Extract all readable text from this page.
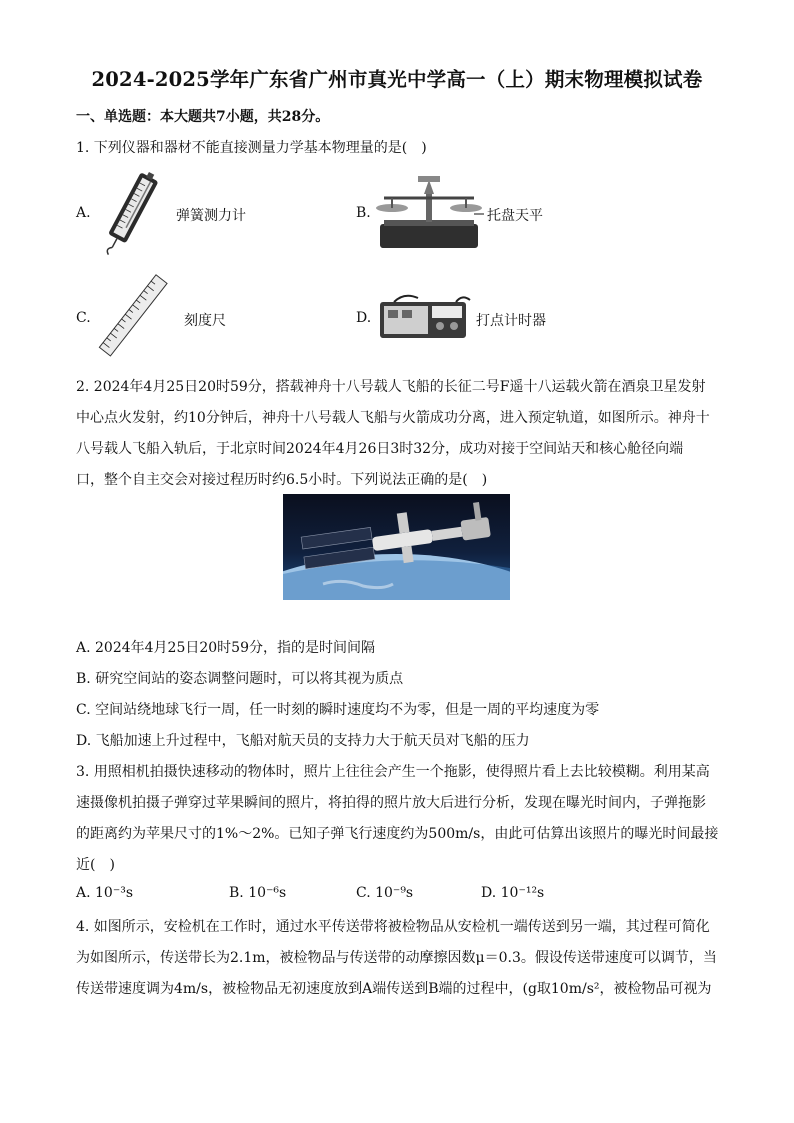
2024-2025学年广东省广州市真光中学高一（上）期末物理模拟试卷
一、单选题：本大题共7小题，共28分。
1. 下列仪器和器材不能直接测量力学基本物理量的是(　)
A.	弹簧测力计	B.	托盘天平
C.	刻度尺	D.	打点计时器
2. 2024年4月25日20时59分，搭载神舟十八号载人飞船的长征二号F遥十八运载火箭在酒泉卫星发射
中心点火发射，约10分钟后，神舟十八号载人飞船与火箭成功分离，进入预定轨道，如图所示。神舟十
八号载人飞船入轨后，于北京时间2024年4月26日3时32分，成功对接于空间站天和核心舱径向端
口，整个自主交会对接过程历时约6.5小时。下列说法正确的是(　)
A. 2024年4月25日20时59分，指的是时间间隔
B. 研究空间站的姿态调整问题时，可以将其视为质点
C. 空间站绕地球飞行一周，任一时刻的瞬时速度均不为零，但是一周的平均速度为零
D. 飞船加速上升过程中，飞船对航天员的支持力大于航天员对飞船的压力
3. 用照相机拍摄快速移动的物体时，照片上往往会产生一个拖影，使得照片看上去比较模糊。利用某高
速摄像机拍摄子弹穿过苹果瞬间的照片，将拍得的照片放大后进行分析，发现在曝光时间内，子弹拖影
的距离约为苹果尺寸的1%～2%。已知子弹飞行速度约为500m/s，由此可估算出该照片的曝光时间最接
近(　)
A. 10⁻³s	B. 10⁻⁶s	C. 10⁻⁹s	D. 10⁻¹²s
4. 如图所示，安检机在工作时，通过水平传送带将被检物品从安检机一端传送到另一端，其过程可简化
为如图所示，传送带长为2.1m，被检物品与传送带的动摩擦因数μ＝0.3。假设传送带速度可以调节，当
传送带速度调为4m/s，被检物品无初速度放到A端传送到B端的过程中，(g取10m/s²，被检物品可视为
